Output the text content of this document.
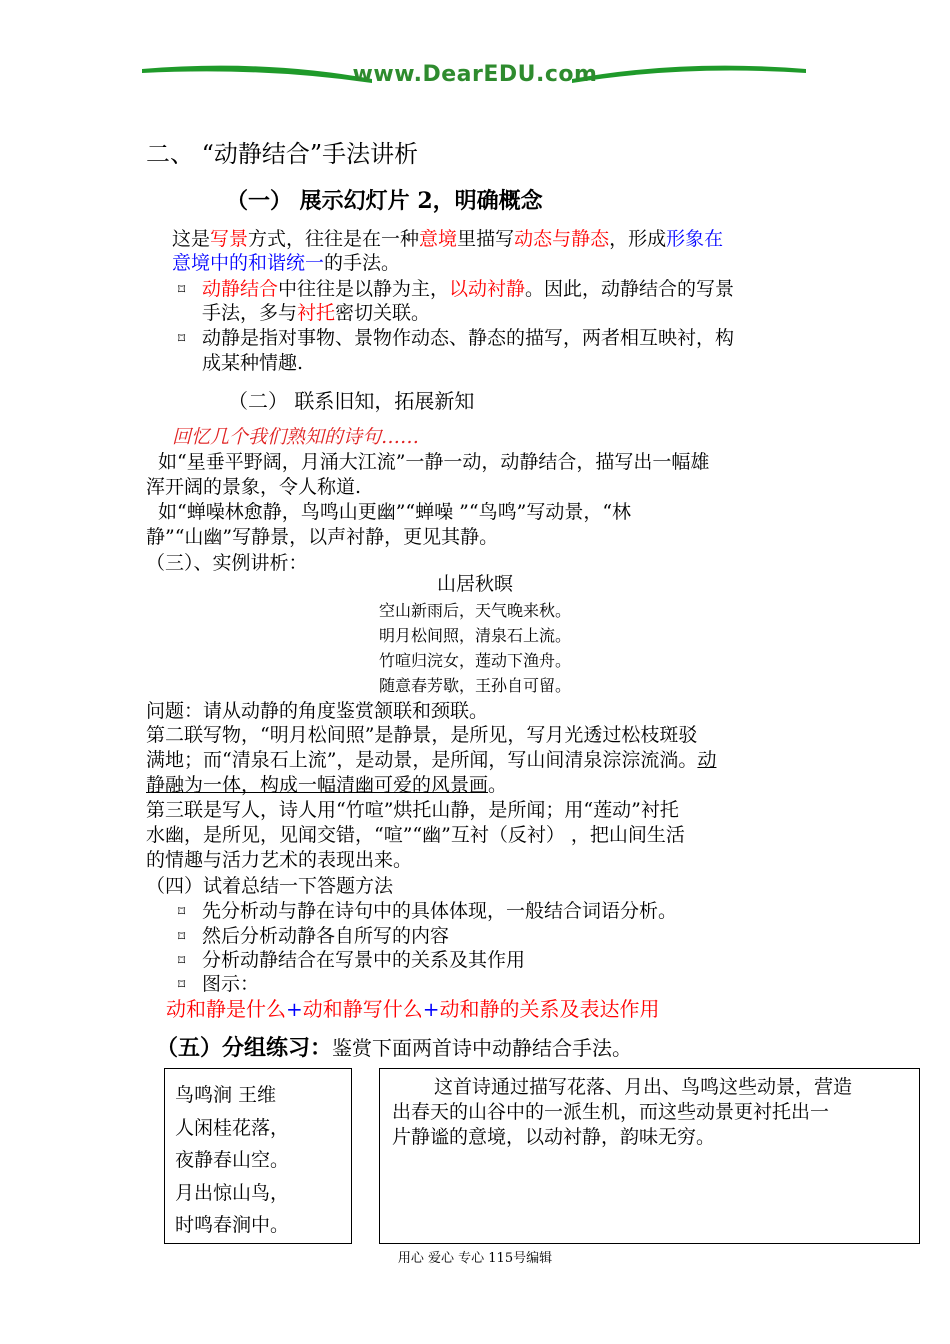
www.DearEDU.com
二、 “动静结合”手法讲析
（一） 展示幻灯片 2，明确概念
这是写景方式，往往是在一种意境里描写动态与静态，形成形象在
意境中的和谐统一的手法。
⌑ 动静结合中往往是以静为主，以动衬静。因此，动静结合的写景
手法，多与衬托密切关联。
⌑ 动静是指对事物、景物作动态、静态的描写，两者相互映衬，构
成某种情趣.
（二） 联系旧知，拓展新知
回忆几个我们熟知的诗句……
如“星垂平野阔，月涌大江流”一静一动，动静结合，描写出一幅雄
浑开阔的景象，令人称道.
如“蝉噪林愈静，鸟鸣山更幽”“蝉噪 ”“鸟鸣”写动景，“林
静”“山幽”写静景，以声衬静，更见其静。
（三）、实例讲析：
山居秋暝
空山新雨后，天气晚来秋。
明月松间照，清泉石上流。
竹喧归浣女，莲动下渔舟。
随意春芳歇，王孙自可留。
问题：请从动静的角度鉴赏颔联和颈联。
第二联写物，“明月松间照”是静景，是所见，写月光透过松枝斑驳
满地；而“清泉石上流”，是动景，是所闻，写山间清泉淙淙流淌。动
静融为一体，构成一幅清幽可爱的风景画。
第三联是写人，诗人用“竹喧”烘托山静，是所闻；用“莲动”衬托
水幽，是所见，见闻交错，“喧”“幽”互衬（反衬） ，把山间生活
的情趣与活力艺术的表现出来。
（四）试着总结一下答题方法
⌑ 先分析动与静在诗句中的具体体现，一般结合词语分析。
⌑ 然后分析动静各自所写的内容
⌑ 分析动静结合在写景中的关系及其作用
⌑ 图示：
动和静是什么+动和静写什么+动和静的关系及表达作用
（五）分组练习：鉴赏下面两首诗中动静结合手法。
鸟鸣涧 王维
人闲桂花落，
夜静春山空。
月出惊山鸟，
时鸣春涧中。
这首诗通过描写花落、月出、鸟鸣这些动景，营造
出春天的山谷中的一派生机，而这些动景更衬托出一
片静谧的意境，以动衬静，韵味无穷。
用心 爱心 专心 115号编辑
